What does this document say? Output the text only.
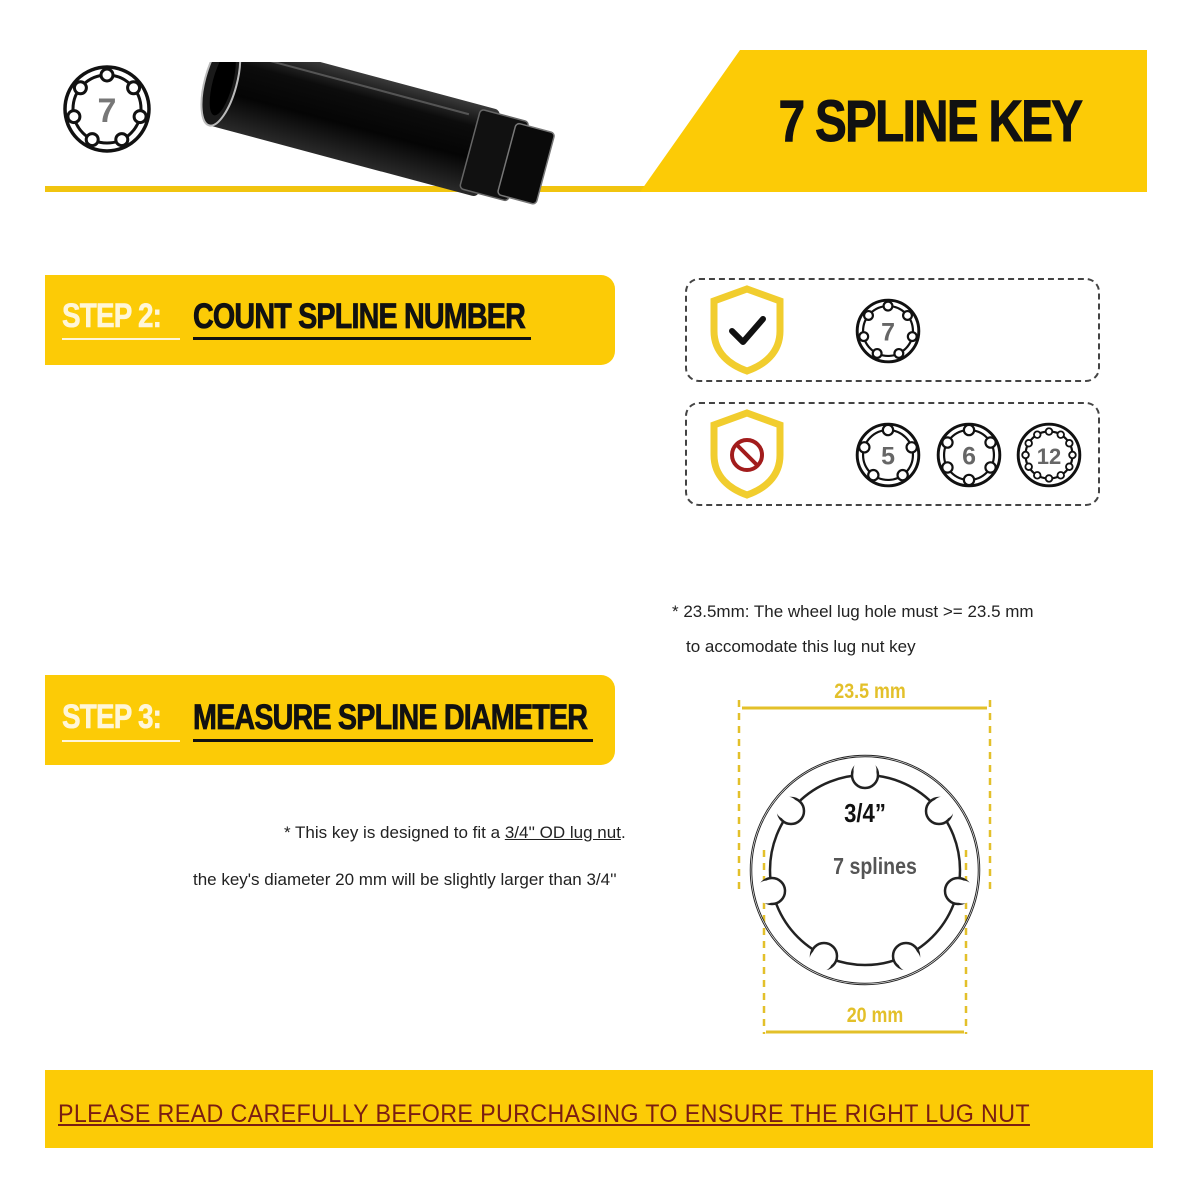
7	7 SPLINE KEY
STEP 2: COUNT SPLINE NUMBER	7
5 6 12
* 23.5mm: The wheel lug hole must >= 23.5 mm
to accomodate this lug nut key
STEP 3: MEASURE SPLINE DIAMETER
* This key is designed to fit a 3/4'' OD lug nut.
the key's diameter 20 mm will be slightly larger than 3/4''
23.5 mm
20 mm
3/4”
7 splines
PLEASE READ CAREFULLY BEFORE PURCHASING TO ENSURE THE RIGHT LUG NUT
